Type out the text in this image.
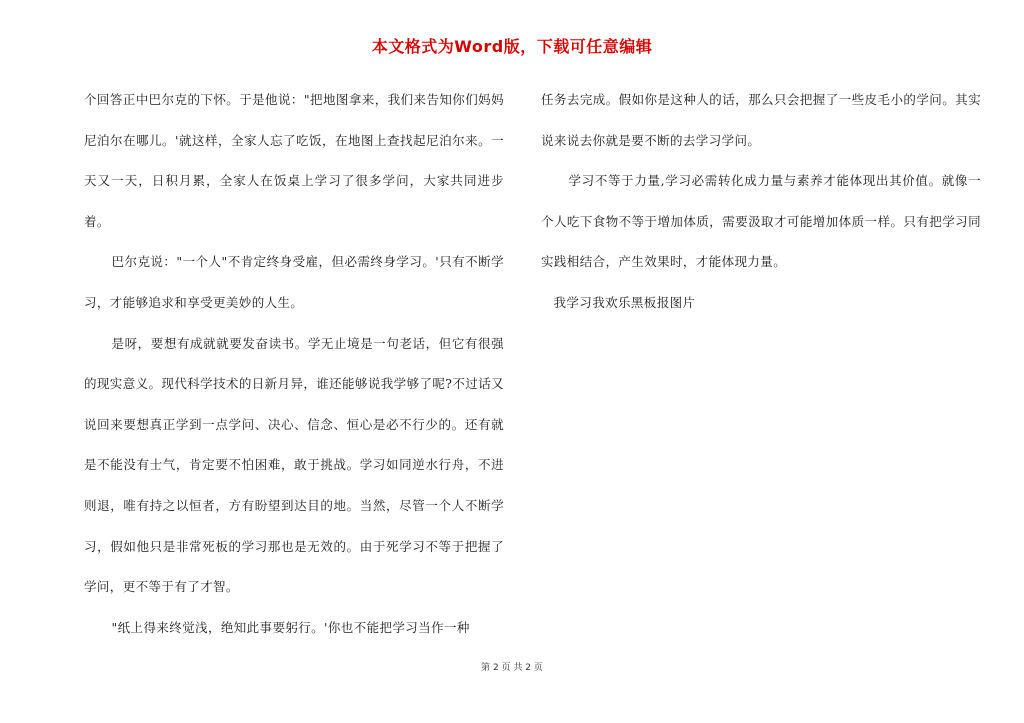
本文格式为Word版，下载可任意编辑

个回答正中巴尔克的下怀。于是他说："把地图拿来，我们来告知你们妈妈尼泊尔在哪儿。'就这样，全家人忘了吃饭，在地图上查找起尼泊尔来。一天又一天，日积月累，全家人在饭桌上学习了很多学问，大家共同进步着。

巴尔克说："一个人"不肯定终身受雇，但必需终身学习。'只有不断学习，才能够追求和享受更美妙的人生。

是呀，要想有成就就要发奋读书。学无止境是一句老话，但它有很强的现实意义。现代科学技术的日新月异，谁还能够说我学够了呢?不过话又说回来要想真正学到一点学问、决心、信念、恒心是必不行少的。还有就是不能没有士气，肯定要不怕困难，敢于挑战。学习如同逆水行舟，不进则退，唯有持之以恒者，方有盼望到达目的地。当然，尽管一个人不断学习，假如他只是非常死板的学习那也是无效的。由于死学习不等于把握了学问，更不等于有了才智。

"纸上得来终觉浅，绝知此事要躬行。'你也不能把学习当作一种

任务去完成。假如你是这种人的话，那么只会把握了一些皮毛小的学问。其实说来说去你就是要不断的去学习学问。

学习不等于力量,学习必需转化成力量与素养才能体现出其价值。就像一个人吃下食物不等于增加体质，需要汲取才可能增加体质一样。只有把学习同实践相结合，产生效果时，才能体现力量。

我学习我欢乐黑板报图片

第 2 页 共 2 页
